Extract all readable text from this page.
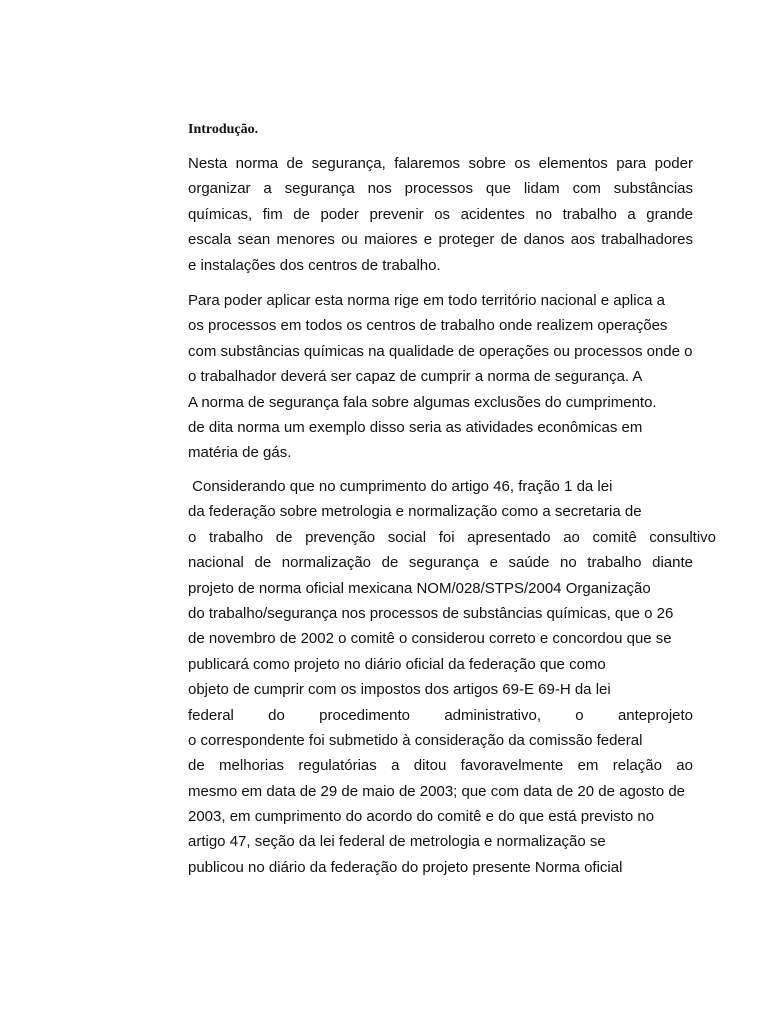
Introdução.
Nesta norma de segurança, falaremos sobre os elementos para poder
organizar a segurança nos processos que lidam com substâncias
químicas, fim de poder prevenir os acidentes no trabalho a grande
escala sean menores ou maiores e proteger de danos aos trabalhadores
e instalações dos centros de trabalho.
Para poder aplicar esta norma rige em todo território nacional e aplica a
os processos em todos os centros de trabalho onde realizem operações
com substâncias químicas na qualidade de operações ou processos onde o
o trabalhador deverá ser capaz de cumprir a norma de segurança. A
A norma de segurança fala sobre algumas exclusões do cumprimento.
de dita norma um exemplo disso seria as atividades econômicas em
matéria de gás.
Considerando que no cumprimento do artigo 46, fração 1 da lei
da federação sobre metrologia e normalização como a secretaria de
o trabalho de prevenção social foi apresentado ao comitê consultivo
nacional de normalização de segurança e saúde no trabalho diante
projeto de norma oficial mexicana NOM/028/STPS/2004 Organização
do trabalho/segurança nos processos de substâncias químicas, que o 26
de novembro de 2002 o comitê o considerou correto e concordou que se
publicará como projeto no diário oficial da federação que como
objeto de cumprir com os impostos dos artigos 69-E 69-H da lei
federal do procedimento administrativo, o anteprojeto
o correspondente foi submetido à consideração da comissão federal
de melhorias regulatórias a ditou favoravelmente em relação ao
mesmo em data de 29 de maio de 2003; que com data de 20 de agosto de
2003, em cumprimento do acordo do comitê e do que está previsto no
artigo 47, seção da lei federal de metrologia e normalização se
publicou no diário da federação do projeto presente Norma oficial
